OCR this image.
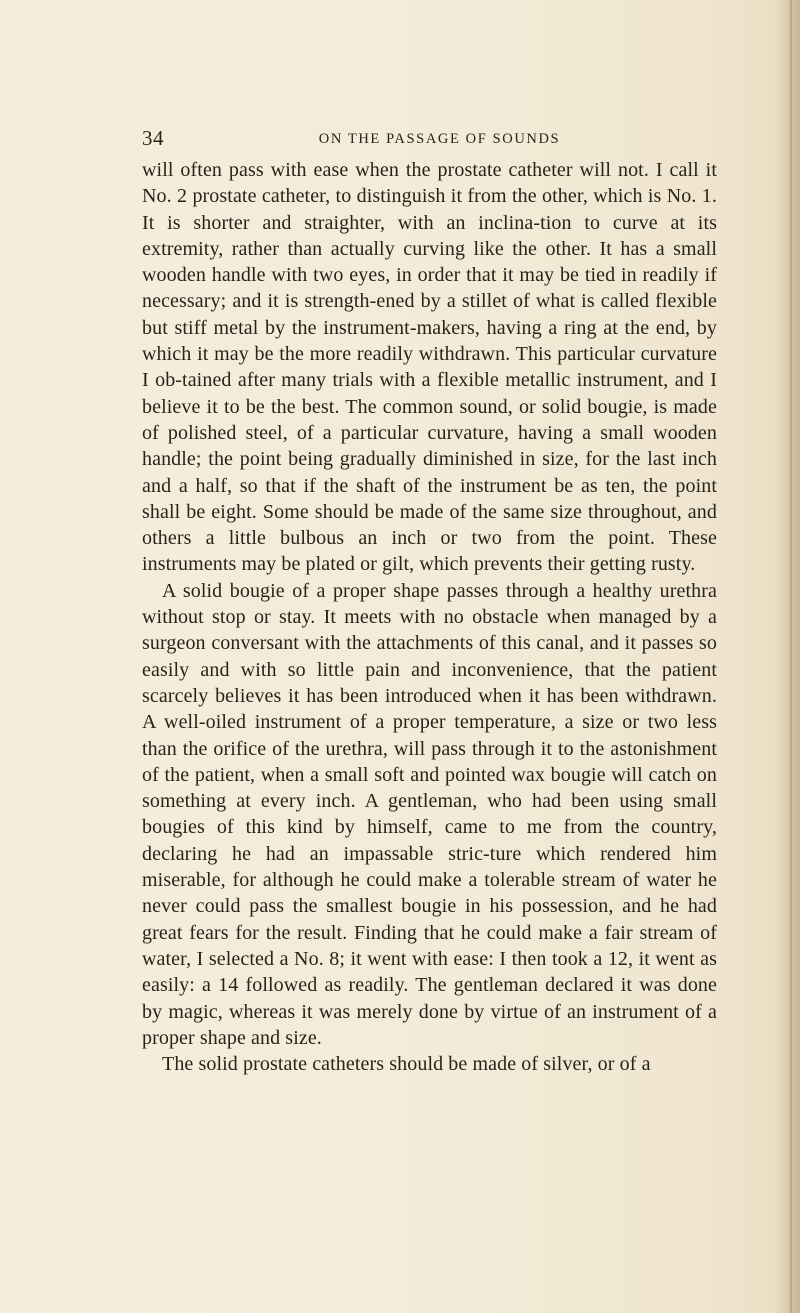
34	ON THE PASSAGE OF SOUNDS

will often pass with ease when the prostate catheter will not. I call it No. 2 prostate catheter, to distinguish it from the other, which is No. 1. It is shorter and straighter, with an inclina-tion to curve at its extremity, rather than actually curving like the other. It has a small wooden handle with two eyes, in order that it may be tied in readily if necessary; and it is strength-ened by a stillet of what is called flexible but stiff metal by the instrument-makers, having a ring at the end, by which it may be the more readily withdrawn. This particular curvature I ob-tained after many trials with a flexible metallic instrument, and I believe it to be the best. The common sound, or solid bougie, is made of polished steel, of a particular curvature, having a small wooden handle; the point being gradually diminished in size, for the last inch and a half, so that if the shaft of the instrument be as ten, the point shall be eight. Some should be made of the same size throughout, and others a little bulbous an inch or two from the point. These instruments may be plated or gilt, which prevents their getting rusty.

A solid bougie of a proper shape passes through a healthy urethra without stop or stay. It meets with no obstacle when managed by a surgeon conversant with the attachments of this canal, and it passes so easily and with so little pain and inconvenience, that the patient scarcely believes it has been introduced when it has been withdrawn. A well-oiled instrument of a proper temperature, a size or two less than the orifice of the urethra, will pass through it to the astonishment of the patient, when a small soft and pointed wax bougie will catch on something at every inch. A gentleman, who had been using small bougies of this kind by himself, came to me from the country, declaring he had an impassable stric-ture which rendered him miserable, for although he could make a tolerable stream of water he never could pass the smallest bougie in his possession, and he had great fears for the result. Finding that he could make a fair stream of water, I selected a No. 8; it went with ease: I then took a 12, it went as easily: a 14 followed as readily. The gentleman declared it was done by magic, whereas it was merely done by virtue of an instrument of a proper shape and size.

The solid prostate catheters should be made of silver, or of a
